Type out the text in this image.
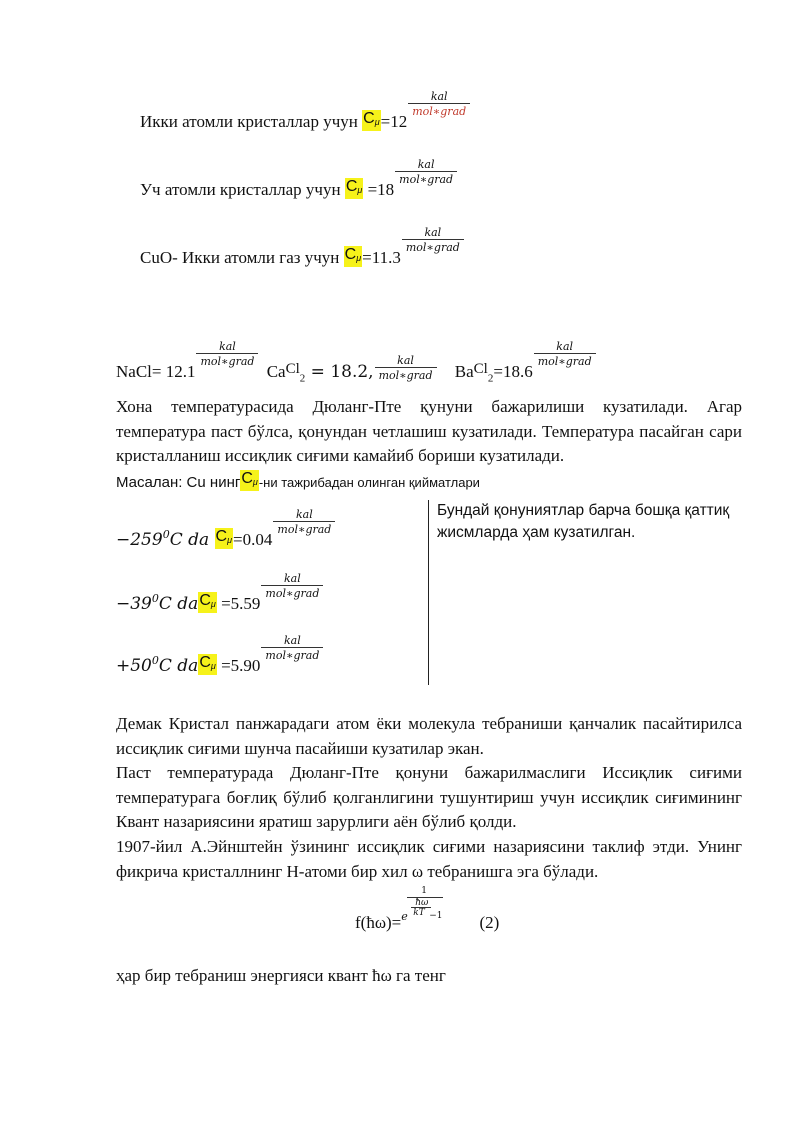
Икки атомли кристаллар учун $C_\mu=12$
$\frac{\text{kal}}{\text{mol∗grad}}$
Уч атомли кристаллар учун $C_\mu =18$
$\frac{\text{kal}}{\text{mol∗grad}}$
CuO- Икки атомли газ учун $C_\mu=11.3$
$\frac{\text{kal}}{\text{mol∗grad}}$
NaCl= 12.1
$\frac{\text{kal}}{\text{mol∗grad}}$
CaCl$_2$ = 18.2, $\frac{\text{kal}}{\text{mol∗grad}}$ BaCl$_2$=18.6
$\frac{\text{kal}}{\text{mol∗grad}}$
Хона температурасида Дюланг-Пте қунуни бажарилиши кузатилади. Агар температура паст бўлса, қонундан четлашиш кузатилади. Температура пасайган сари кристалланиш иссиқлик сиғими камайиб бориши кузатилади.
Масалан: Cu нингC$_\mu$-ни тажрибадан олинган қийматлари
$-259^0C$ da $C_\mu=0.04$
$\frac{\text{kal}}{\text{mol∗grad}}$
$-39^0C$ daC$_\mu$ =5.59
$\frac{\text{kal}}{\text{mol∗grad}}$
$+50^0C$ daC$_\mu$ =5.90
$\frac{\text{kal}}{\text{mol∗grad}}$
Бундай қонуниятлар барча бошқа қаттиқ жисмларда ҳам кузатилган.
Демак Кристал панжарадаги атом ёки молекула тебраниши қанчалик пасайтирилса иссиқлик сиғими шунча пасайиши кузатилар экан.
Паст температурада Дюланг-Пте қонуни бажарилмаслиги Иссиқлик сиғими температурага боғлиқ бўлиб қолганлигини тушунтириш учун иссиқлик сиғимининг Квант назариясини яратиш зарурлиги аён бўлиб қолди.
1907-йил А.Эйнштейн ўзининг иссиқлик сиғими назариясини таклиф этди. Унинг фикрича кристаллнинг Н-атоми бир хил ω тебранишга эга бўлади.
f(ħω)=
1
ħω
e kT −1 (2)
ҳар бир тебраниш энергияси квант ħω га тенг
